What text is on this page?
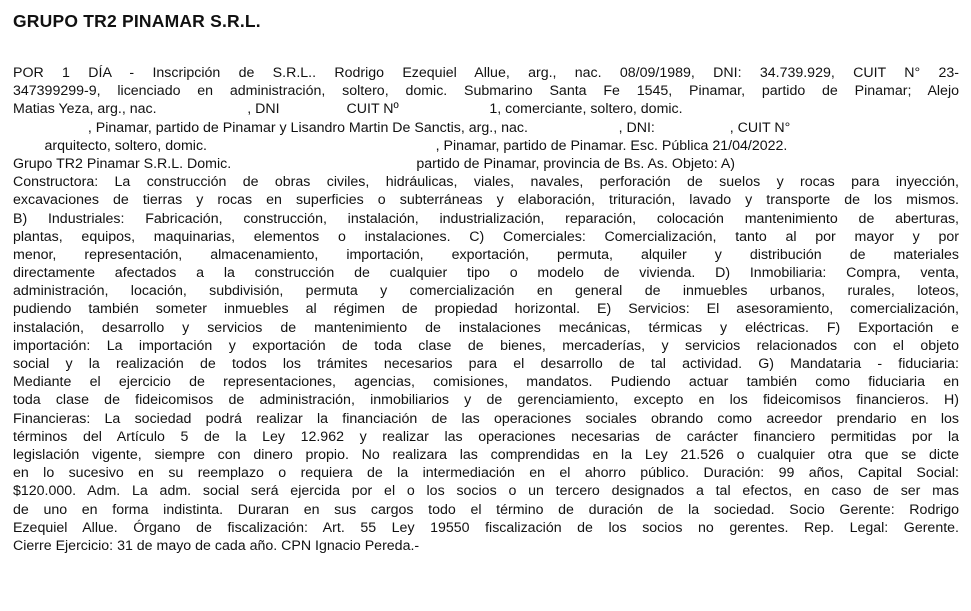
GRUPO TR2 PINAMAR S.R.L.
POR 1 DÍA - Inscripción de S.R.L.. Rodrigo Ezequiel Allue, arg., nac. 08/09/1989, DNI: 34.739.929, CUIT N° 23-
347399299-9, licenciado en administración, soltero, domic. Submarino Santa Fe 1545, Pinamar, partido de Pinamar; Alejo
Matias Yeza, arg., nac.                       , DNI                 CUIT Nº                       1, comerciante, soltero, domic.
, Pinamar, partido de Pinamar y Lisandro Martin De Sanctis, arg., nac.                       , DNI:                   , CUIT N°
arquitecto, soltero, domic.                                                          , Pinamar, partido de Pinamar. Esc. Pública 21/04/2022.
Grupo TR2 Pinamar S.R.L. Domic.                                               partido de Pinamar, provincia de Bs. As. Objeto: A)
Constructora: La construcción de obras civiles, hidráulicas, viales, navales, perforación de suelos y rocas para inyección,
excavaciones de tierras y rocas en superficies o subterráneas y elaboración, trituración, lavado y transporte de los mismos.
B) Industriales: Fabricación, construcción, instalación, industrialización, reparación, colocación mantenimiento de aberturas,
plantas, equipos, maquinarias, elementos o instalaciones. C) Comerciales: Comercialización, tanto al por mayor y por
menor, representación, almacenamiento, importación, exportación, permuta, alquiler y distribución de materiales
directamente afectados a la construcción de cualquier tipo o modelo de vivienda. D) Inmobiliaria: Compra, venta,
administración, locación, subdivisión, permuta y comercialización en general de inmuebles urbanos, rurales, loteos,
pudiendo también someter inmuebles al régimen de propiedad horizontal. E) Servicios: El asesoramiento, comercialización,
instalación, desarrollo y servicios de mantenimiento de instalaciones mecánicas, térmicas y eléctricas. F) Exportación e
importación: La importación y exportación de toda clase de bienes, mercaderías, y servicios relacionados con el objeto
social y la realización de todos los trámites necesarios para el desarrollo de tal actividad. G) Mandataria - fiduciaria:
Mediante el ejercicio de representaciones, agencias, comisiones, mandatos. Pudiendo actuar también como fiduciaria en
toda clase de fideicomisos de administración, inmobiliarios y de gerenciamiento, excepto en los fideicomisos financieros. H)
Financieras: La sociedad podrá realizar la financiación de las operaciones sociales obrando como acreedor prendario en los
términos del Artículo 5 de la Ley 12.962 y realizar las operaciones necesarias de carácter financiero permitidas por la
legislación vigente, siempre con dinero propio. No realizara las comprendidas en la Ley 21.526 o cualquier otra que se dicte
en lo sucesivo en su reemplazo o requiera de la intermediación en el ahorro público. Duración: 99 años, Capital Social:
$120.000. Adm. La adm. social será ejercida por el o los socios o un tercero designados a tal efectos, en caso de ser mas
de uno en forma indistinta. Duraran en sus cargos todo el término de duración de la sociedad. Socio Gerente: Rodrigo
Ezequiel Allue. Órgano de fiscalización: Art. 55 Ley 19550 fiscalización de los socios no gerentes. Rep. Legal: Gerente.
Cierre Ejercicio: 31 de mayo de cada año. CPN Ignacio Pereda.-
